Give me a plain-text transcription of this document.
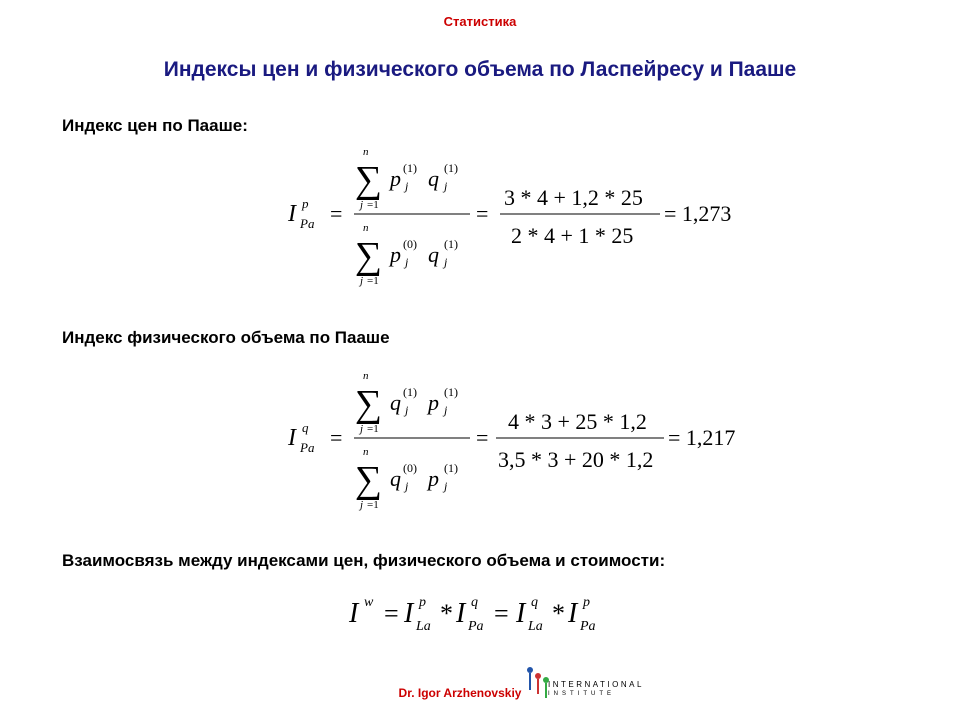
Статистика
Индексы цен и физического объема по Ласпейресу и Пааше
Индекс цен по Пааше:
I p
Pa =
n
∑
j =1
p (1)
j q (1)
j
n
∑
j =1
p (0)
j q (1)
j
=
3 * 4 + 1,2 * 25
2 * 4 + 1 * 25
= 1,273
Индекс физического объема по Пааше
I q
Pa =
n
∑
j =1
q (1)
j p (1)
j
n
∑
j =1
q (0)
j p (1)
j
=
4 * 3 + 25 * 1,2
3,5 * 3 + 20 * 1,2
= 1,217
Взаимосвязь между индексами цен, физического объема и стоимости:
I w = I p
La * I q
Pa = I q
La * I p
Pa
Dr. Igor Arzhenovskiy
INTERNATIONAL
INSTITUTE
